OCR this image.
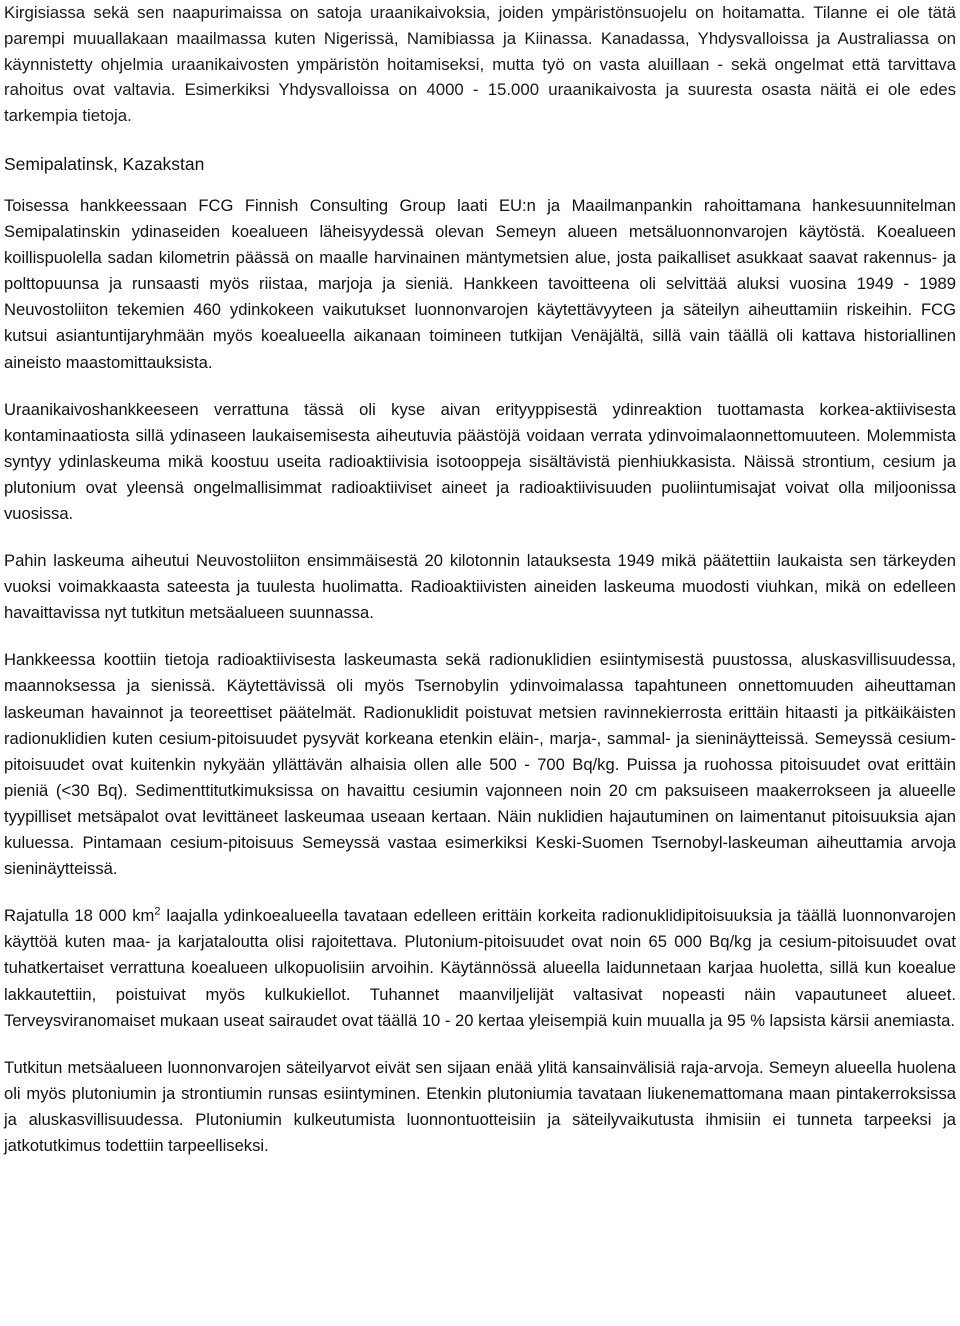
Kirgisiassa sekä sen naapurimaissa on satoja uraanikaivoksia, joiden ympäristönsuojelu on hoitamatta. Tilanne ei ole tätä parempi muuallakaan maailmassa kuten Nigerissä, Namibiassa ja Kiinassa. Kanadassa, Yhdysvalloissa ja Australiassa on käynnistetty ohjelmia uraanikaivosten ympäristön hoitamiseksi, mutta työ on vasta aluillaan - sekä ongelmat että tarvittava rahoitus ovat valtavia. Esimerkiksi Yhdysvalloissa on 4000 - 15.000 uraanikaivosta ja suuresta osasta näitä ei ole edes tarkempia tietoja.

Semipalatinsk, Kazakstan

Toisessa hankkeessaan FCG Finnish Consulting Group laati EU:n ja Maailmanpankin rahoittamana hankesuunnitelman Semipalatinskin ydinaseiden koealueen läheisyydessä olevan Semeyn alueen metsäluonnonvarojen käytöstä. Koealueen koillispuolella sadan kilometrin päässä on maalle harvinainen mäntymetsien alue, josta paikalliset asukkaat saavat rakennus- ja polttopuunsa ja runsaasti myös riistaa, marjoja ja sieniä. Hankkeen tavoitteena oli selvittää aluksi vuosina 1949 - 1989 Neuvostoliiton tekemien 460 ydinkokeen vaikutukset luonnonvarojen käytettävyyteen ja säteilyn aiheuttamiin riskeihin. FCG kutsui asiantuntijaryhmään myös koealueella aikanaan toimineen tutkijan Venäjältä, sillä vain täällä oli kattava historiallinen aineisto maastomittauksista.

Uraanikaivoshankkeeseen verrattuna tässä oli kyse aivan erityyppisestä ydinreaktion tuottamasta korkea-aktiivisesta kontaminaatiosta sillä ydinaseen laukaisemisesta aiheutuvia päästöjä voidaan verrata ydinvoimalaonnettomuuteen. Molemmista syntyy ydinlaskeuma mikä koostuu useita radioaktiivisia isotooppeja sisältävistä pienhiukkasista. Näissä strontium, cesium ja plutonium ovat yleensä ongelmallisimmat radioaktiiviset aineet ja radioaktiivisuuden puoliintumisajat voivat olla miljoonissa vuosissa.

Pahin laskeuma aiheutui Neuvostoliiton ensimmäisestä 20 kilotonnin latauksesta 1949 mikä päätettiin laukaista sen tärkeyden vuoksi voimakkaasta sateesta ja tuulesta huolimatta. Radioaktiivisten aineiden laskeuma muodosti viuhkan, mikä on edelleen havaittavissa nyt tutkitun metsäalueen suunnassa.

Hankkeessa koottiin tietoja radioaktiivisesta laskeumasta sekä radionuklidien esiintymisestä puustossa, aluskasvillisuudessa, maannoksessa ja sienissä. Käytettävissä oli myös Tsernobylin ydinvoimalassa tapahtuneen onnettomuuden aiheuttaman laskeuman havainnot ja teoreettiset päätelmät. Radionuklidit poistuvat metsien ravinnekierrosta erittäin hitaasti ja pitkäikäisten radionuklidien kuten cesium-pitoisuudet pysyvät korkeana etenkin eläin-, marja-, sammal- ja sieninäytteissä. Semeyssä cesium-pitoisuudet ovat kuitenkin nykyään yllättävän alhaisia ollen alle 500 - 700 Bq/kg. Puissa ja ruohossa pitoisuudet ovat erittäin pieniä (<30 Bq). Sedimenttitutkimuksissa on havaittu cesiumin vajonneen noin 20 cm paksuiseen maakerrokseen ja alueelle tyypilliset metsäpalot ovat levittäneet laskeumaa useaan kertaan. Näin nuklidien hajautuminen on laimentanut pitoisuuksia ajan kuluessa. Pintamaan cesium-pitoisuus Semeyssä vastaa esimerkiksi Keski-Suomen Tsernobyl-laskeuman aiheuttamia arvoja sieninäytteissä.

Rajatulla 18 000 $km^2$ laajalla ydinkoealueella tavataan edelleen erittäin korkeita radionuklidipitoisuuksia ja täällä luonnonvarojen käyttöä kuten maa- ja karjataloutta olisi rajoitettava. Plutonium-pitoisuudet ovat noin 65 000 Bq/kg ja cesium-pitoisuudet ovat tuhatkertaiset verrattuna koealueen ulkopuolisiin arvoihin. Käytännössä alueella laidunnetaan karjaa huoletta, sillä kun koealue lakkautettiin, poistuivat myös kulkukiellot. Tuhannet maanviljelijät valtasivat nopeasti näin vapautuneet alueet. Terveysviranomaiset mukaan useat sairaudet ovat täällä 10 - 20 kertaa yleisempiä kuin muualla ja 95 % lapsista kärsii anemiasta.

Tutkitun metsäalueen luonnonvarojen säteilyarvot eivät sen sijaan enää ylitä kansainvälisiä raja-arvoja. Semeyn alueella huolena oli myös plutoniumin ja strontiumin runsas esiintyminen. Etenkin plutoniumia tavataan liukenemattomana maan pintakerroksissa ja aluskasvillisuudessa. Plutoniumin kulkeutumista luonnontuotteisiin ja säteilyvaikutusta ihmisiin ei tunneta tarpeeksi ja jatkotutkimus todettiin tarpeelliseksi.
